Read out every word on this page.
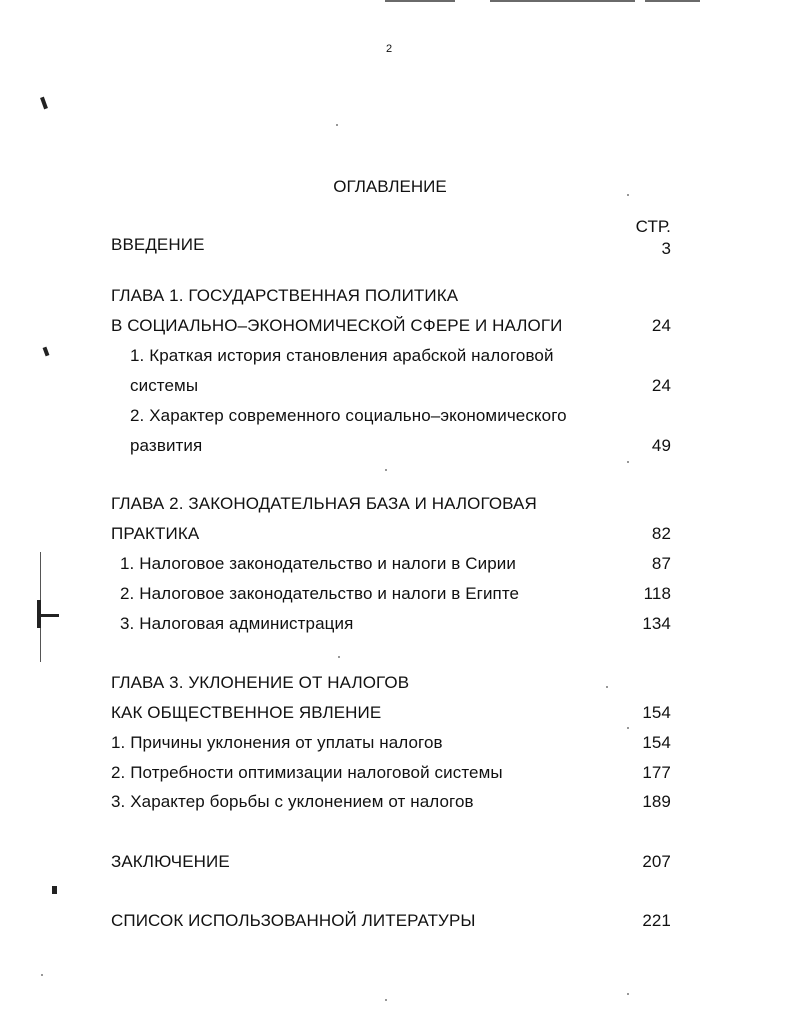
2
ОГЛАВЛЕНИЕ
СТР.
ВВЕДЕНИЕ	3
ГЛАВА 1. ГОСУДАРСТВЕННАЯ ПОЛИТИКА
В СОЦИАЛЬНО–ЭКОНОМИЧЕСКОЙ СФЕРЕ И НАЛОГИ	24
1. Краткая история становления арабской налоговой
системы	24
2. Характер современного социально–экономического
развития	49
ГЛАВА 2. ЗАКОНОДАТЕЛЬНАЯ БАЗА И НАЛОГОВАЯ
ПРАКТИКА	82
1. Налоговое законодательство и налоги в Сирии	87
2. Налоговое законодательство и налоги в Египте	118
3. Налоговая администрация	134
ГЛАВА 3. УКЛОНЕНИЕ ОТ НАЛОГОВ
КАК ОБЩЕСТВЕННОЕ ЯВЛЕНИЕ	154
1. Причины уклонения от уплаты налогов	154
2. Потребности оптимизации налоговой системы	177
3. Характер борьбы с уклонением от налогов	189
ЗАКЛЮЧЕНИЕ	207
СПИСОК ИСПОЛЬЗОВАННОЙ ЛИТЕРАТУРЫ	221
